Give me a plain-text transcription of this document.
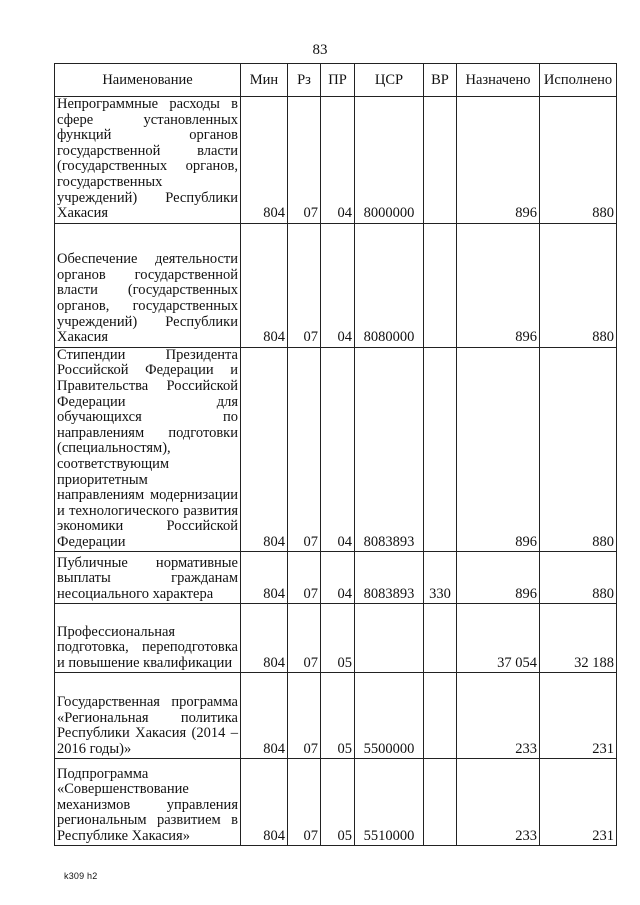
83
Наименование	Мин	Рз	ПР	ЦСР	ВР	Назначено	Исполнено

Непрограммные расходы в сфере установленных функций органов государственной власти (государственных органов, государственных учреждений) Республики Хакасия	804	07	04	8000000		896	880

Обеспечение деятельности органов государственной власти (государственных органов, государственных учреждений) Республики Хакасия	804	07	04	8080000		896	880

Стипендии Президента Российской Федерации и Правительства Российской Федерации для обучающихся по направлениям подготовки (специальностям), соответствующим приоритетным направлениям модернизации и технологического развития экономики Российской Федерации	804	07	04	8083893		896	880

Публичные нормативные выплаты гражданам несоциального характера	804	07	04	8083893	330	896	880

Профессиональная подготовка, переподготовка и повышение квалификации	804	07	05			37 054	32 188

Государственная программа «Региональная политика Республики Хакасия (2014 – 2016 годы)»	804	07	05	5500000		233	231

Подпрограмма «Совершенствование механизмов управления региональным развитием в Республике Хакасия»	804	07	05	5510000		233	231
k309 h2
